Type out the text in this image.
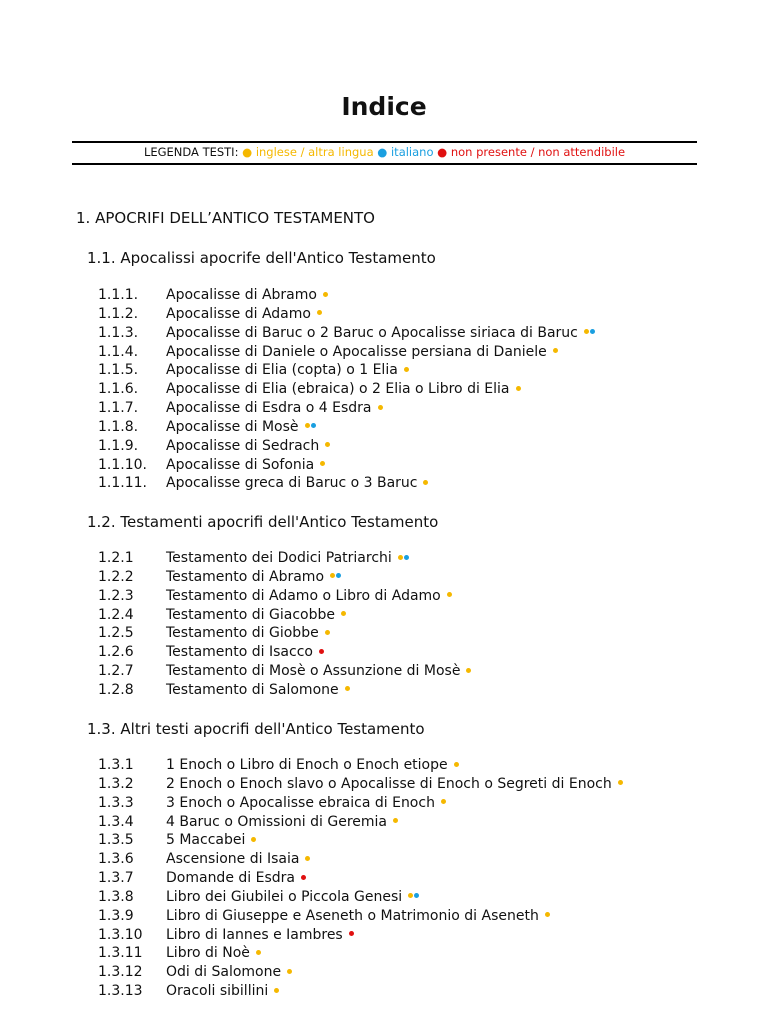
Indice
LEGENDA TESTI: ● inglese / altra lingua ● italiano ● non presente / non attendibile
1. APOCRIFI DELL’ANTICO TESTAMENTO
1.1. Apocalissi apocrife dell'Antico Testamento
1.1.1. Apocalisse di Abramo
1.1.2. Apocalisse di Adamo
1.1.3. Apocalisse di Baruc o 2 Baruc o Apocalisse siriaca di Baruc
1.1.4. Apocalisse di Daniele o Apocalisse persiana di Daniele
1.1.5. Apocalisse di Elia (copta) o 1 Elia
1.1.6. Apocalisse di Elia (ebraica) o 2 Elia o Libro di Elia
1.1.7. Apocalisse di Esdra o 4 Esdra
1.1.8. Apocalisse di Mosè
1.1.9. Apocalisse di Sedrach
1.1.10. Apocalisse di Sofonia
1.1.11. Apocalisse greca di Baruc o 3 Baruc
1.2. Testamenti apocrifi dell'Antico Testamento
1.2.1 Testamento dei Dodici Patriarchi
1.2.2 Testamento di Abramo
1.2.3 Testamento di Adamo o Libro di Adamo
1.2.4 Testamento di Giacobbe
1.2.5 Testamento di Giobbe
1.2.6 Testamento di Isacco
1.2.7 Testamento di Mosè o Assunzione di Mosè
1.2.8 Testamento di Salomone
1.3. Altri testi apocrifi dell'Antico Testamento
1.3.1 1 Enoch o Libro di Enoch o Enoch etiope
1.3.2 2 Enoch o Enoch slavo o Apocalisse di Enoch o Segreti di Enoch
1.3.3 3 Enoch o Apocalisse ebraica di Enoch
1.3.4 4 Baruc o Omissioni di Geremia
1.3.5 5 Maccabei
1.3.6 Ascensione di Isaia
1.3.7 Domande di Esdra
1.3.8 Libro dei Giubilei o Piccola Genesi
1.3.9 Libro di Giuseppe e Aseneth o Matrimonio di Aseneth
1.3.10 Libro di Iannes e Iambres
1.3.11 Libro di Noè
1.3.12 Odi di Salomone
1.3.13 Oracoli sibillini
